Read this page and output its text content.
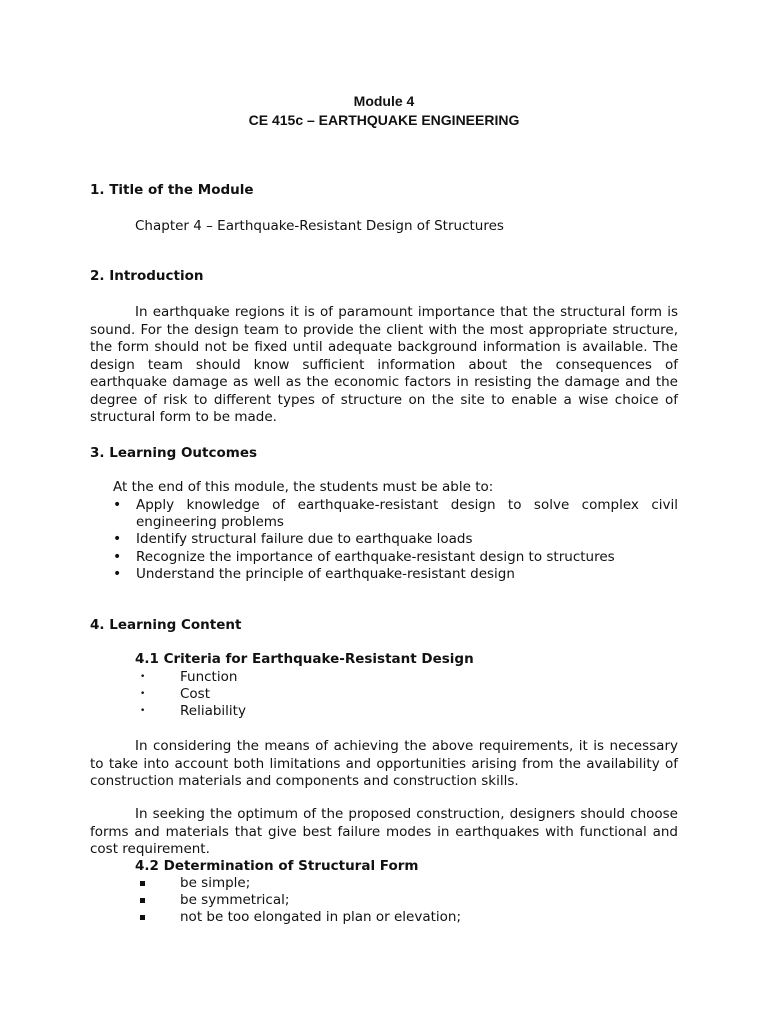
Module 4

CE 415c – EARTHQUAKE ENGINEERING

1. Title of the Module

Chapter 4 – Earthquake-Resistant Design of Structures

2. Introduction

In earthquake regions it is of paramount importance that the structural form is sound. For the design team to provide the client with the most appropriate structure, the form should not be fixed until adequate background information is available. The design team should know sufficient information about the consequences of earthquake damage as well as the economic factors in resisting the damage and the degree of risk to different types of structure on the site to enable a wise choice of structural form to be made.

3. Learning Outcomes

At the end of this module, the students must be able to:

• Apply knowledge of earthquake-resistant design to solve complex civil engineering problems
• Identify structural failure due to earthquake loads
• Recognize the importance of earthquake-resistant design to structures
• Understand the principle of earthquake-resistant design

4. Learning Content

4.1 Criteria for Earthquake-Resistant Design

• Function
• Cost
• Reliability

In considering the means of achieving the above requirements, it is necessary to take into account both limitations and opportunities arising from the availability of construction materials and components and construction skills.

In seeking the optimum of the proposed construction, designers should choose forms and materials that give best failure modes in earthquakes with functional and cost requirement.

4.2 Determination of Structural Form

be simple;
be symmetrical;
not be too elongated in plan or elevation;
